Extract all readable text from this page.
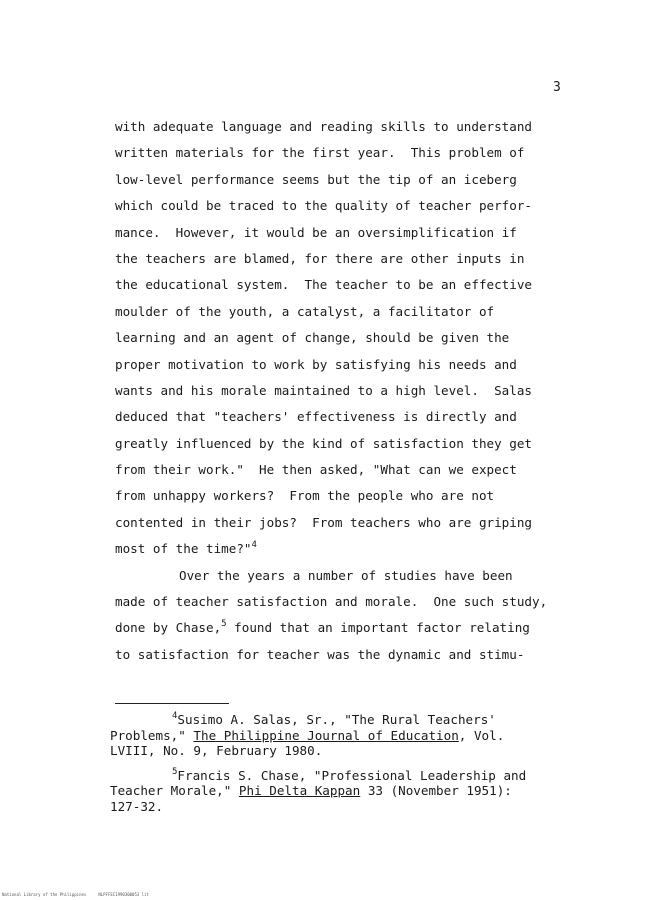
3
with adequate language and reading skills to understand
written materials for the first year.  This problem of
low-level performance seems but the tip of an iceberg
which could be traced to the quality of teacher perfor-
mance.  However, it would be an oversimplification if
the teachers are blamed, for there are other inputs in
the educational system.  The teacher to be an effective
moulder of the youth, a catalyst, a facilitator of
learning and an agent of change, should be given the
proper motivation to work by satisfying his needs and
wants and his morale maintained to a high level.  Salas
deduced that "teachers' effectiveness is directly and
greatly influenced by the kind of satisfaction they get
from their work."  He then asked, "What can we expect
from unhappy workers?  From the people who are not
contented in their jobs?  From teachers who are griping
most of the time?"$^4$
Over the years a number of studies have been
made of teacher satisfaction and morale.  One such study,
done by Chase,$^5$ found that an important factor relating
to satisfaction for teacher was the dynamic and stimu-
$^4$Susimo A. Salas, Sr., "The Rural Teachers'
Problems," The Philippine Journal of Education, Vol.
LVIII, No. 9, February 1980.
$^5$Francis S. Chase, "Professional Leadership and
Teacher Morale," Phi Delta Kappan 33 (November 1951):
127-32.
National Library of the Philippines     NLPFFEC1990300053 lit
